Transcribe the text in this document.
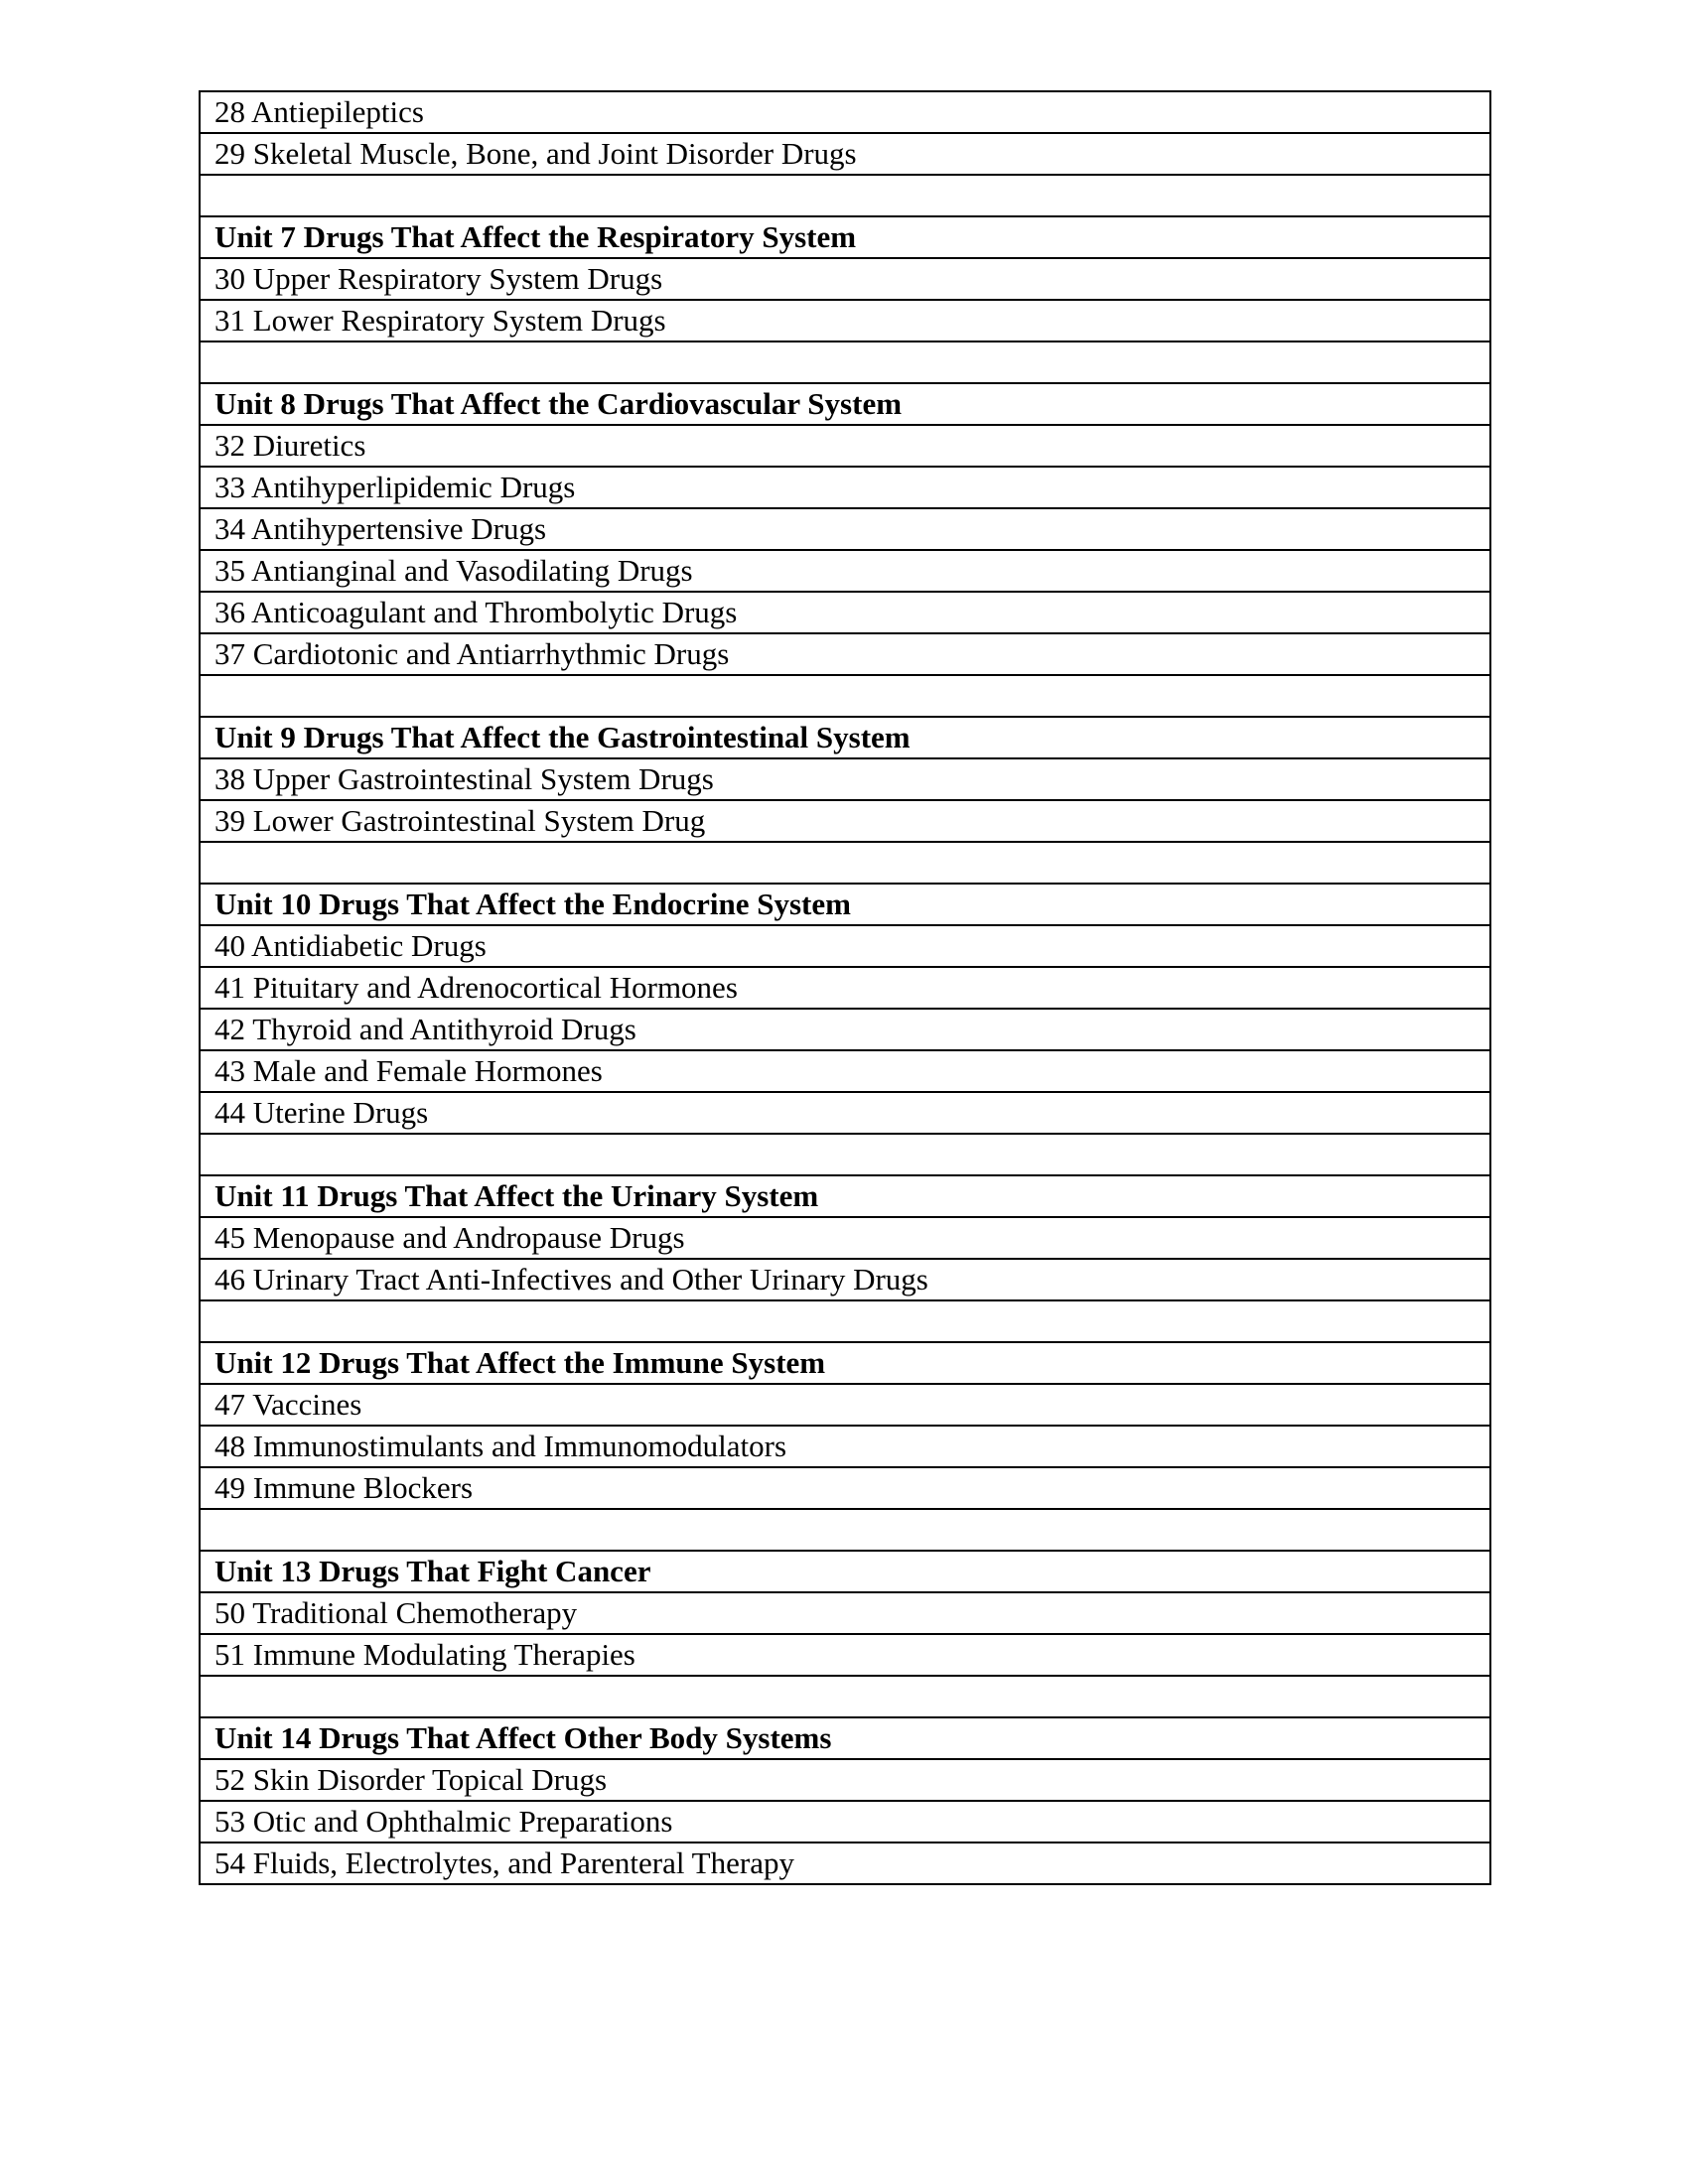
28 Antiepileptics
29 Skeletal Muscle, Bone, and Joint Disorder Drugs

Unit 7 Drugs That Affect the Respiratory System
30 Upper Respiratory System Drugs
31 Lower Respiratory System Drugs

Unit 8 Drugs That Affect the Cardiovascular System
32 Diuretics
33 Antihyperlipidemic Drugs
34 Antihypertensive Drugs
35 Antianginal and Vasodilating Drugs
36 Anticoagulant and Thrombolytic Drugs
37 Cardiotonic and Antiarrhythmic Drugs

Unit 9 Drugs That Affect the Gastrointestinal System
38 Upper Gastrointestinal System Drugs
39 Lower Gastrointestinal System Drug

Unit 10 Drugs That Affect the Endocrine System
40 Antidiabetic Drugs
41 Pituitary and Adrenocortical Hormones
42 Thyroid and Antithyroid Drugs
43 Male and Female Hormones
44 Uterine Drugs

Unit 11 Drugs That Affect the Urinary System
45 Menopause and Andropause Drugs
46 Urinary Tract Anti-Infectives and Other Urinary Drugs

Unit 12 Drugs That Affect the Immune System
47 Vaccines
48 Immunostimulants and Immunomodulators
49 Immune Blockers

Unit 13 Drugs That Fight Cancer
50 Traditional Chemotherapy
51 Immune Modulating Therapies

Unit 14 Drugs That Affect Other Body Systems
52 Skin Disorder Topical Drugs
53 Otic and Ophthalmic Preparations
54 Fluids, Electrolytes, and Parenteral Therapy
